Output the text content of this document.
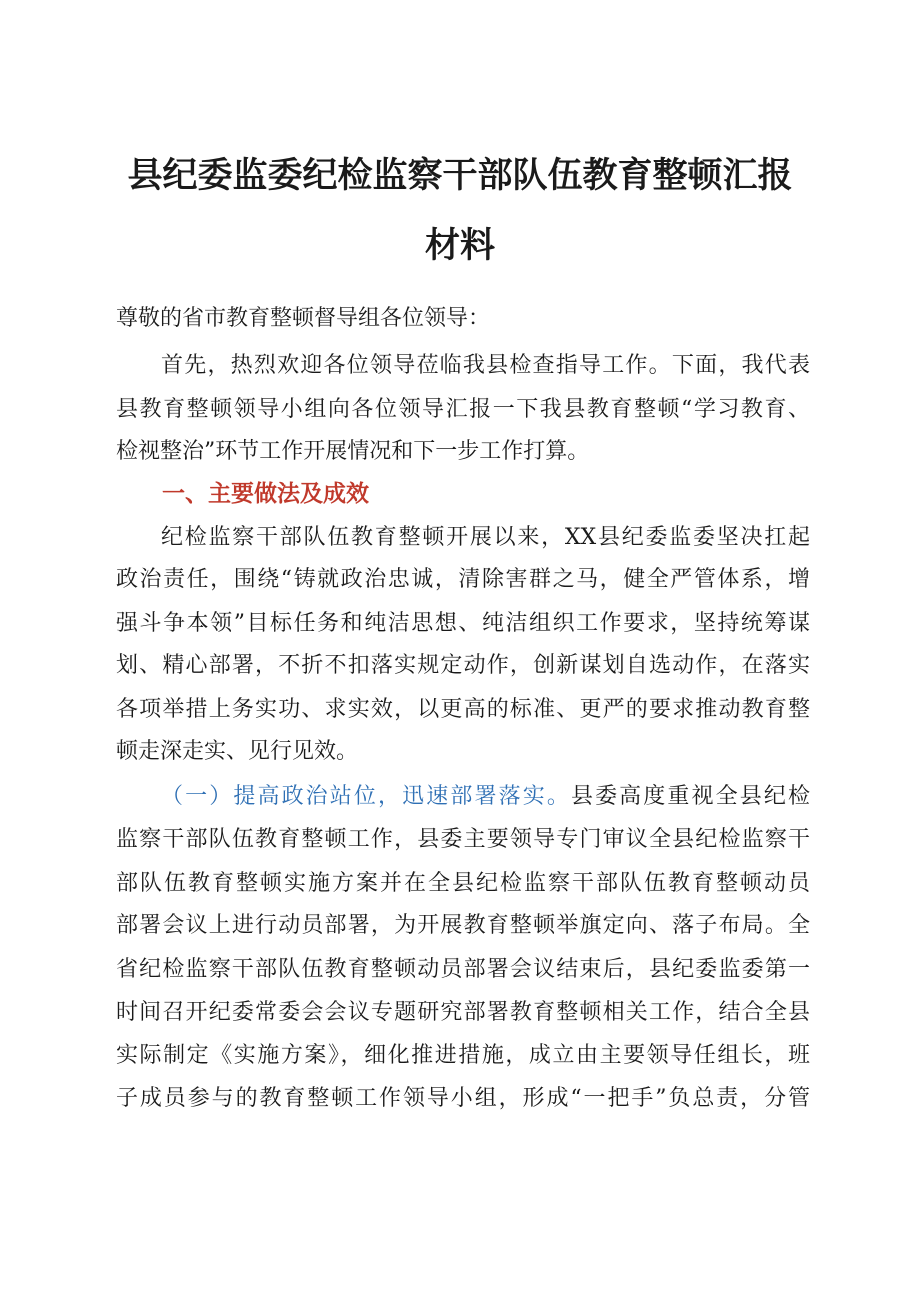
县纪委监委纪检监察干部队伍教育整顿汇报
材料

尊敬的省市教育整顿督导组各位领导：

首先，热烈欢迎各位领导莅临我县检查指导工作。下面，我代表

县教育整顿领导小组向各位领导汇报一下我县教育整顿“学习教育、

检视整治”环节工作开展情况和下一步工作打算。

一、主要做法及成效

纪检监察干部队伍教育整顿开展以来，XX县纪委监委坚决扛起

政治责任，围绕“铸就政治忠诚，清除害群之马，健全严管体系，增

强斗争本领”目标任务和纯洁思想、纯洁组织工作要求，坚持统筹谋

划、精心部署，不折不扣落实规定动作，创新谋划自选动作，在落实

各项举措上务实功、求实效，以更高的标准、更严的要求推动教育整

顿走深走实、见行见效。

（一）提高政治站位，迅速部署落实。县委高度重视全县纪检

监察干部队伍教育整顿工作，县委主要领导专门审议全县纪检监察干

部队伍教育整顿实施方案并在全县纪检监察干部队伍教育整顿动员

部署会议上进行动员部署，为开展教育整顿举旗定向、落子布局。全

省纪检监察干部队伍教育整顿动员部署会议结束后，县纪委监委第一

时间召开纪委常委会会议专题研究部署教育整顿相关工作，结合全县

实际制定《实施方案》，细化推进措施，成立由主要领导任组长，班

子成员参与的教育整顿工作领导小组，形成“一把手”负总责，分管
